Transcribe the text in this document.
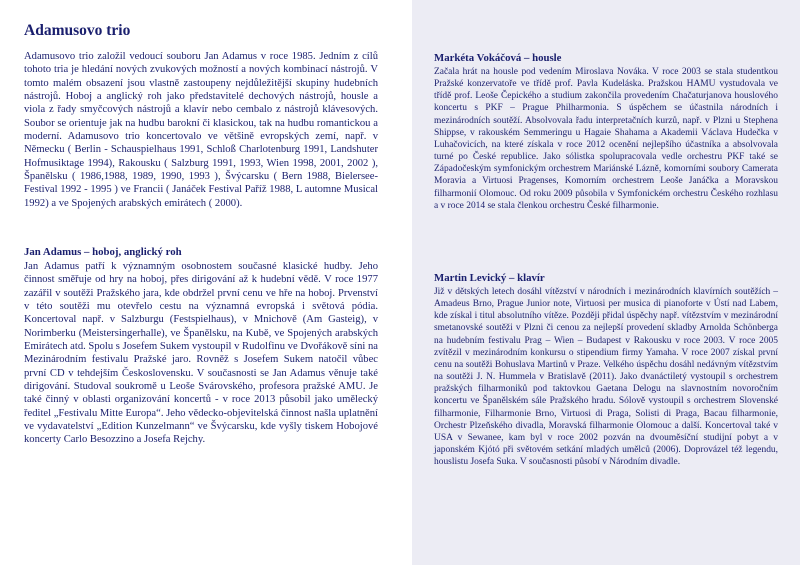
Adamusovo trio

Adamusovo trio založil vedoucí souboru Jan Adamus v roce 1985. Jedním z cílů tohoto tria je hledání nových zvukových možností a nových kombinací nástrojů. V tomto malém obsazení jsou vlastně zastoupeny nejdůležitější skupiny hudebních nástrojů. Hoboj a anglický roh jako představitelé dechových nástrojů, housle a viola z řady smyčcových nástrojů a klavír nebo cembalo z nástrojů klávesových. Soubor se orientuje jak na hudbu barokní či klasickou, tak na hudbu romantickou a moderní. Adamusovo trio koncertovalo ve většině evropských zemí, např. v Německu ( Berlin - Schauspielhaus 1991, Schloß Charlotenburg 1991, Landshuter Hofmusiktage 1994), Rakousku ( Salzburg 1991, 1993, Wien 1998, 2001, 2002 ), Španělsku ( 1986,1988, 1989, 1990, 1993 ), Švýcarsku ( Bern 1988, Bielersee-Festival 1992 - 1995 ) ve Francii ( Janáček Festival Paříž 1988, L automne Musical 1992) a ve Spojených arabských emirátech ( 2000).

Jan Adamus – hoboj, anglický roh

Jan Adamus patří k významným osobnostem současné klasické hudby. Jeho činnost směřuje od hry na hoboj, přes dirigování až k hudební vědě. V roce 1977 zazářil v soutěži Pražského jara, kde obdržel první cenu ve hře na hoboj. Prvenství v této soutěži mu otevřelo cestu na významná evropská i světová pódia. Koncertoval např. v Salzburgu (Festspielhaus), v Mnichově (Am Gasteig), v Norimberku (Meistersingerhalle), ve Španělsku, na Kubě, ve Spojených arabských Emirátech atd. Spolu s Josefem Sukem vystoupil v Rudolfinu ve Dvořákově síni na Mezinárodním festivalu Pražské jaro. Rovněž s Josefem Sukem natočil vůbec první CD v tehdejším Československu. V současnosti se Jan Adamus věnuje také dirigování. Studoval soukromě u Leoše Svárovského, profesora pražské AMU. Je také činný v oblasti organizování koncertů - v roce 2013 působil jako umělecký ředitel „Festivalu Mitte Europa“. Jeho vědecko-objevitelská činnost našla uplatnění ve vydavatelství „Edition Kunzelmann“ ve Švýcarsku, kde vyšly tiskem Hobojové koncerty Carlo Besozzino a Josefa Rejchy.

Markéta Vokáčová – housle

Začala hrát na housle pod vedením Miroslava Nováka. V roce 2003 se stala studentkou Pražské konzervatoře ve třídě prof. Pavla Kudeláska. Pražskou HAMU vystudovala ve třídě prof. Leoše Čepického a studium zakončila provedením Chačaturjanova houslového koncertu s PKF – Prague Philharmonia. S úspěchem se účastnila národních i mezinárodních soutěží. Absolvovala řadu interpretačních kurzů, např. v Plzni u Stephena Shippse, v rakouském Semmeringu u Hagaie Shahama a Akademii Václava Hudečka v Luhačovicích, na které získala v roce 2012 ocenění nejlepšího účastníka a absolvovala turné po České republice. Jako sólistka spolupracovala vedle orchestru PKF také se Západočeským symfonickým orchestrem Mariánské Lázně, komorními soubory Camerata Moravia a Virtuosi Pragenses, Komorním orchestrem Leoše Janáčka a Moravskou filharmonií Olomouc. Od roku 2009 působila v Symfonickém orchestru Českého rozhlasu a v roce 2014 se stala členkou orchestru České filharmonie.

Martin Levický – klavír

Již v dětských letech dosáhl vítězství v národních i mezinárodních klavírních soutěžích – Amadeus Brno, Prague Junior note, Virtuosi per musica di pianoforte v Ústí nad Labem, kde získal i titul absolutního vítěze. Později přidal úspěchy např. vítězstvím v mezinárodní smetanovské soutěži v Plzni či cenou za nejlepší provedení skladby Arnolda Schönberga na hudebním festivalu Prag – Wien – Budapest v Rakousku v roce 2003. V roce 2005 zvítězil v mezinárodním konkursu o stipendium firmy Yamaha. V roce 2007 získal první cenu na soutěži Bohuslava Martinů v Praze. Velkého úspěchu dosáhl nedávným vítězstvím na soutěži J. N. Hummela v Bratislavě (2011). Jako dvanáctiletý vystoupil s orchestrem pražských filharmoniků pod taktovkou Gaetana Delogu na slavnostním novoročním koncertu ve Španělském sále Pražského hradu. Sólově vystoupil s orchestrem Slovenské filharmonie, Filharmonie Brno, Virtuosi di Praga, Solisti di Praga, Bacau filharmonie, Orchestr Plzeňského divadla, Moravská filharmonie Olomouc a další. Koncertoval také v USA v Sewanee, kam byl v roce 2002 pozván na dvouměsíční studijní pobyt a v japonském Kjótó při světovém setkání mladých umělců (2006). Doprovázel též legendu, houslistu Josefa Suka. V současnosti působí v Národním divadle.
